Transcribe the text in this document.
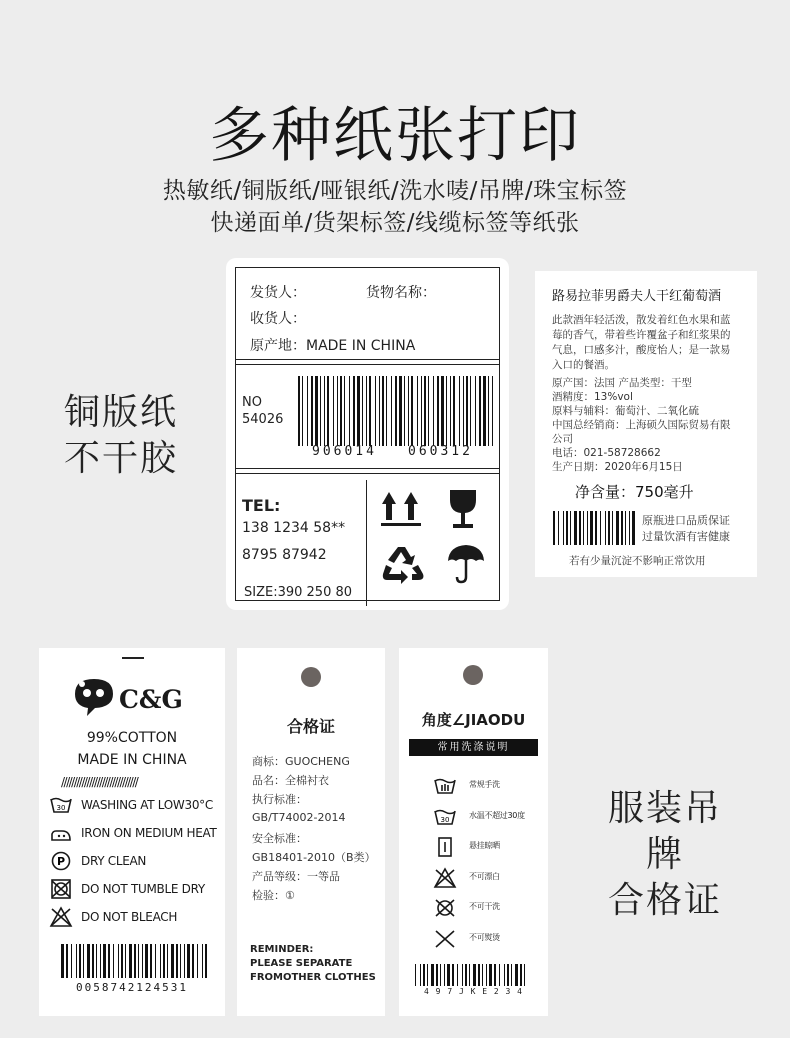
多种纸张打印
热敏纸/铜版纸/哑银纸/洗水唛/吊牌/珠宝标签
快递面单/货架标签/线缆标签等纸张
铜版纸
不干胶
服装吊牌
合格证
发货人：	货物名称：
收货人：
原产地：MADE IN CHINA
NO
54026
906014 060312
TEL:
138 1234 58**
8795 87942
SIZE:390 250 80
路易拉菲男爵夫人干红葡萄酒
此款酒年轻活泼，散发着红色水果和蓝
莓的香气，带着些许覆盆子和红浆果的
气息，口感多汁，酸度怡人；是一款易
入口的餐酒。
原产国：法国 产品类型：干型
酒精度：13%vol
原料与辅料：葡萄汁、二氧化硫
中国总经销商：上海硕久国际贸易有限
公司
电话：021-58728662
生产日期：2020年6月15日
净含量：750毫升
原瓶进口品质保证
过量饮酒有害健康
若有少量沉淀不影响正常饮用
C&G
99%COTTON
MADE IN CHINA
//////////////////////////////
30 WASHING AT LOW30°C
IRON ON MEDIUM HEAT
P DRY CLEAN
DO NOT TUMBLE DRY
DO NOT BLEACH
0058742124531
合格证
商标：GUOCHENG
品名：全棉衬衣
执行标准：
GB/T74002-2014
安全标准：
GB18401-2010（B类）
产品等级：一等品
检验：①
REMINDER:
PLEASE SEPARATE
FROMOTHER CLOTHES
角度∠JIAODU
常用洗涤说明
常规手洗
30 水温不超过30度
悬挂晾晒
不可漂白
不可干洗
不可熨烫
4 9 7 J K E 2 3 4
